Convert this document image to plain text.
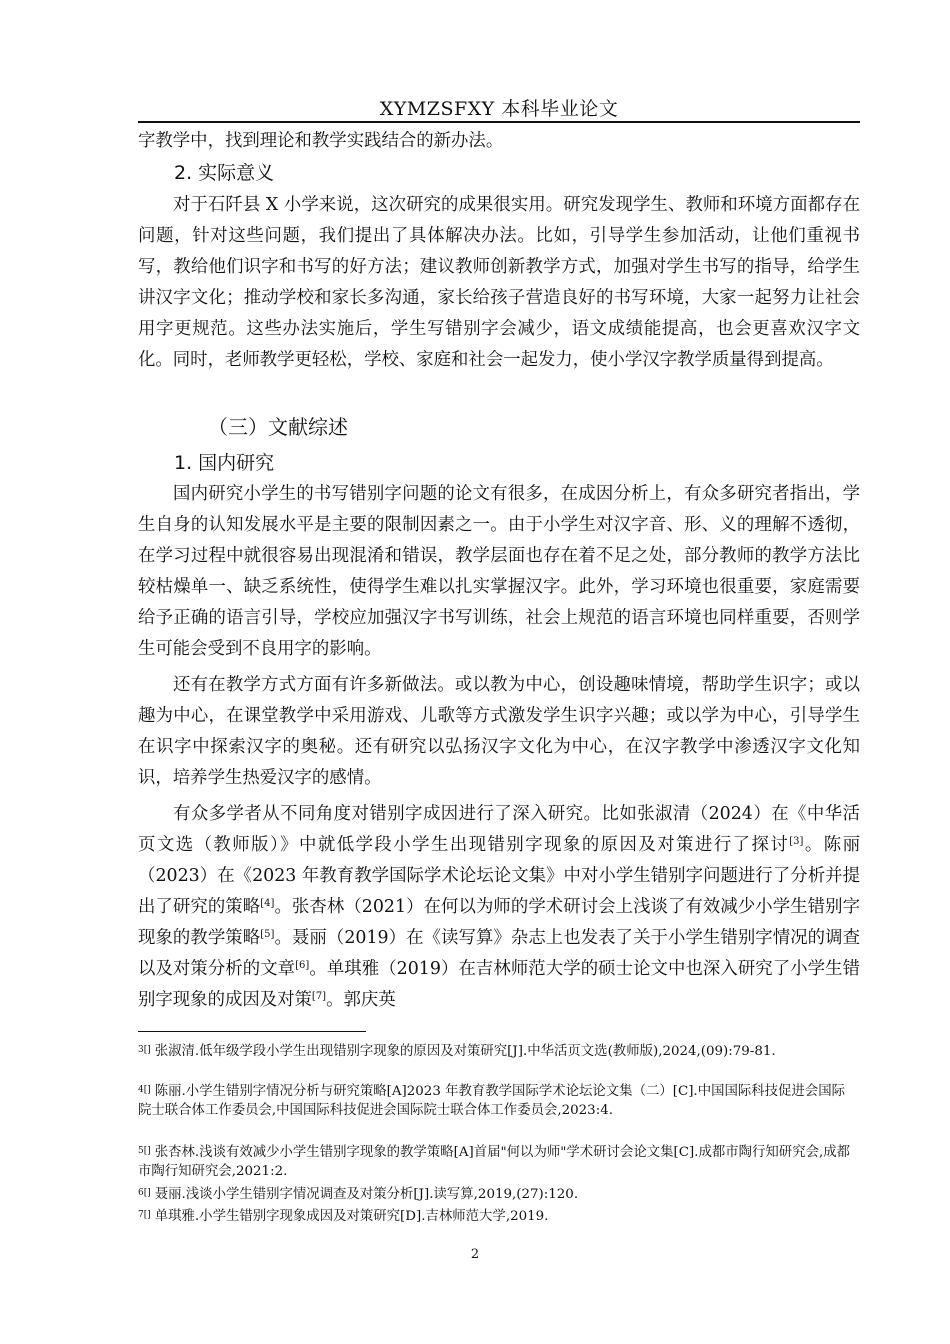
XYMZSFXY 本科毕业论文

字教学中，找到理论和教学实践结合的新办法。

2. 实际意义

对于石阡县 X 小学来说，这次研究的成果很实用。研究发现学生、教师和环境方面都存在问题，针对这些问题，我们提出了具体解决办法。比如，引导学生参加活动，让他们重视书写，教给他们识字和书写的好方法；建议教师创新教学方式，加强对学生书写的指导，给学生讲汉字文化；推动学校和家长多沟通，家长给孩子营造良好的书写环境，大家一起努力让社会用字更规范。这些办法实施后，学生写错别字会减少，语文成绩能提高，也会更喜欢汉字文化。同时，老师教学更轻松，学校、家庭和社会一起发力，使小学汉字教学质量得到提高。

（三）文献综述
1. 国内研究

国内研究小学生的书写错别字问题的论文有很多，在成因分析上，有众多研究者指出，学生自身的认知发展水平是主要的限制因素之一。由于小学生对汉字音、形、义的理解不透彻，在学习过程中就很容易出现混淆和错误，教学层面也存在着不足之处，部分教师的教学方法比较枯燥单一、缺乏系统性，使得学生难以扎实掌握汉字。此外，学习环境也很重要，家庭需要给予正确的语言引导，学校应加强汉字书写训练，社会上规范的语言环境也同样重要，否则学生可能会受到不良用字的影响。

还有在教学方式方面有许多新做法。或以教为中心，创设趣味情境，帮助学生识字；或以趣为中心，在课堂教学中采用游戏、儿歌等方式激发学生识字兴趣；或以学为中心，引导学生在识字中探索汉字的奥秘。还有研究以弘扬汉字文化为中心，在汉字教学中渗透汉字文化知识，培养学生热爱汉字的感情。

有众多学者从不同角度对错别字成因进行了深入研究。比如张淑清（2024）在《中华活页文选（教师版）》中就低学段小学生出现错别字现象的原因及对策进行了探讨[3]。陈丽（2023）在《2023 年教育教学国际学术论坛论文集》中对小学生错别字问题进行了分析并提出了研究的策略[4]。张杏林（2021）在何以为师的学术研讨会上浅谈了有效减少小学生错别字现象的教学策略[5]。聂丽（2019）在《读写算》杂志上也发表了关于小学生错别字情况的调查以及对策分析的文章[6]。单琪雅（2019）在吉林师范大学的硕士论文中也深入研究了小学生错别字现象的成因及对策[7]。郭庆英

$^{3[]}$ 张淑清.低年级学段小学生出现错别字现象的原因及对策研究[J].中华活页文选(教师版),2024,(09):79-81.

$^{4[]}$ 陈丽.小学生错别字情况分析与研究策略[A]2023 年教育教学国际学术论坛论文集（二）[C].中国国际科技促进会国际院士联合体工作委员会,中国国际科技促进会国际院士联合体工作委员会,2023:4.

$^{5[]}$ 张杏林.浅谈有效减少小学生错别字现象的教学策略[A]首届"何以为师"学术研讨会论文集[C].成都市陶行知研究会,成都市陶行知研究会,2021:2.

$^{6[]}$ 聂丽.浅谈小学生错别字情况调查及对策分析[J].读写算,2019,(27):120.

$^{7[]}$ 单琪雅.小学生错别字现象成因及对策研究[D].吉林师范大学,2019.

2
